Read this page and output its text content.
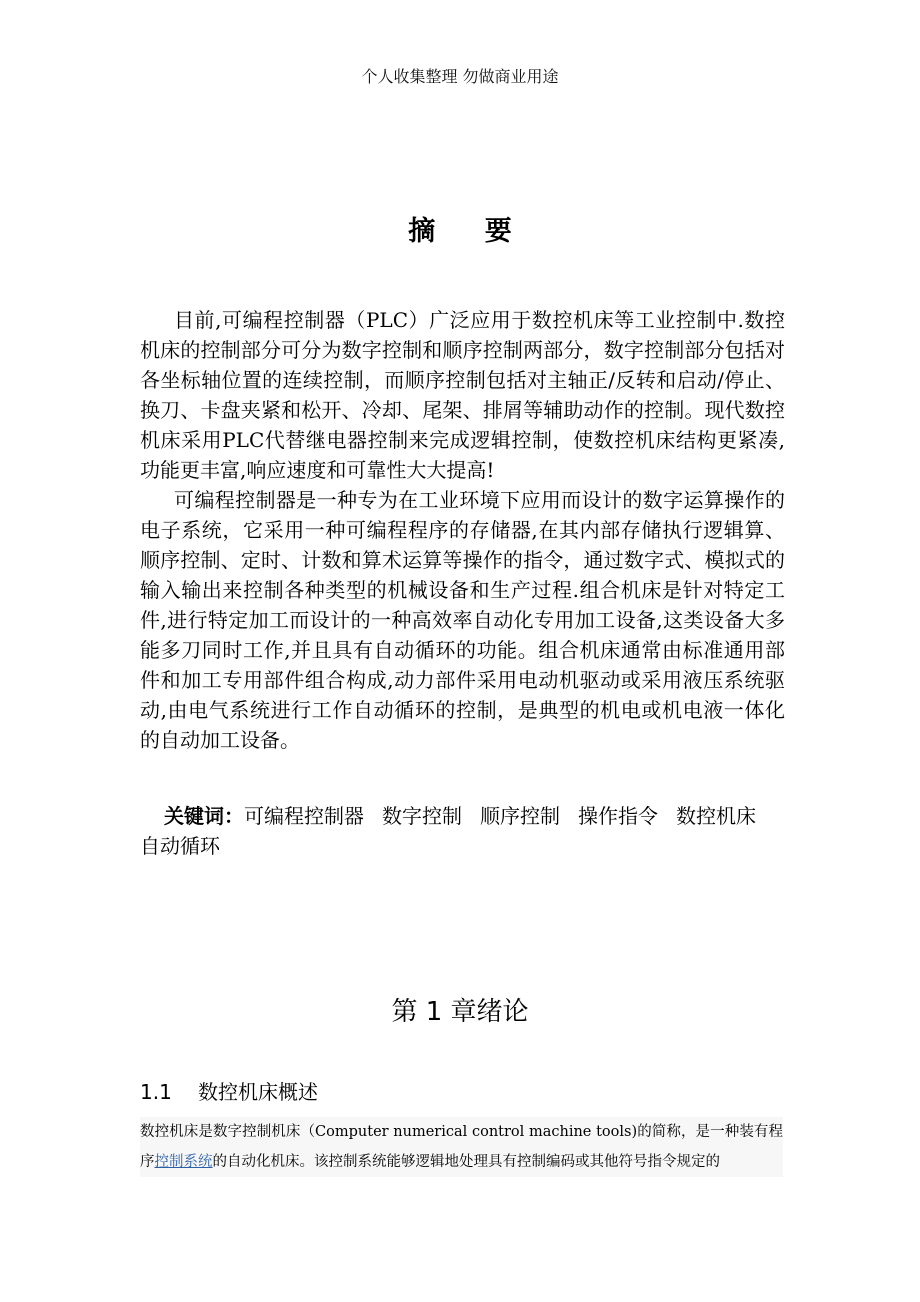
个人收集整理 勿做商业用途
摘 要

目前,可编程控制器（PLC）广泛应用于数控机床等工业控制中.数控机床的控制部分可分为数字控制和顺序控制两部分，数字控制部分包括对各坐标轴位置的连续控制，而顺序控制包括对主轴正/反转和启动/停止、换刀、卡盘夹紧和松开、冷却、尾架、排屑等辅助动作的控制。现代数控机床采用PLC代替继电器控制来完成逻辑控制，使数控机床结构更紧凑,功能更丰富,响应速度和可靠性大大提高!

可编程控制器是一种专为在工业环境下应用而设计的数字运算操作的电子系统，它采用一种可编程程序的存储器,在其内部存储执行逻辑算、顺序控制、定时、计数和算术运算等操作的指令，通过数字式、模拟式的输入输出来控制各种类型的机械设备和生产过程.组合机床是针对特定工件,进行特定加工而设计的一种高效率自动化专用加工设备,这类设备大多能多刀同时工作,并且具有自动循环的功能。组合机床通常由标准通用部件和加工专用部件组合构成,动力部件采用电动机驱动或采用液压系统驱动,由电气系统进行工作自动循环的控制，是典型的机电或机电液一体化的自动加工设备。

关键词：可编程控制器 数字控制 顺序控制 操作指令 数控机床自动循环
第 1 章绪论
1.1 数控机床概述
数控机床是数字控制机床（Computer numerical control machine tools)的简称，是一种装有程序控制系统的自动化机床。该控制系统能够逻辑地处理具有控制编码或其他符号指令规定的
